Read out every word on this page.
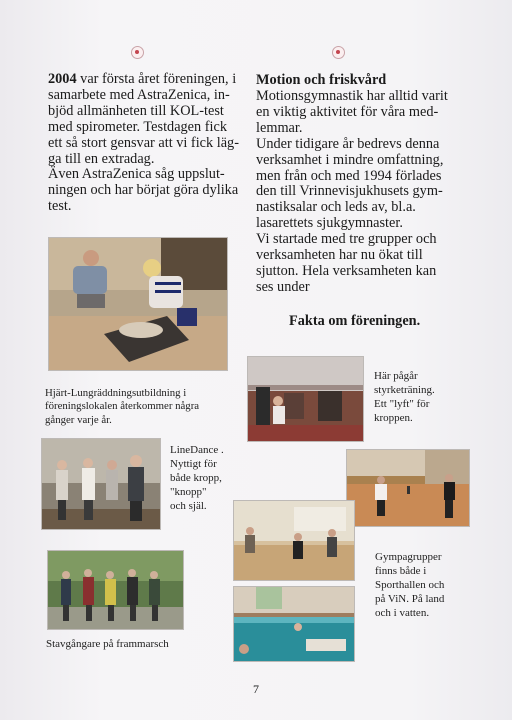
2004 var första året föreningen, i
samarbete med AstraZenica, in-
bjöd allmänheten till KOL-test
med spirometer. Testdagen fick
ett så stort gensvar att vi fick läg-
ga till en extradag.
Även AstraZenica såg uppslut-
ningen och har börjat göra dylika
test.
Motion och friskvård
Motionsgymnastik har alltid varit
en viktig aktivitet för våra med-
lemmar.
Under tidigare år bedrevs denna
verksamhet i mindre omfattning,
men från och med 1994 förlades
den till Vrinnevisjukhusets gym-
nastiksalar och leds av, bl.a.
lasarettets sjukgymnaster.
Vi startade med tre grupper och
verksamheten har nu ökat till
sjutton. Hela verksamheten kan
ses under
Fakta om föreningen.
Hjärt-Lungräddningsutbildning i
föreningslokalen återkommer några
gånger varje år.
Här pågår
styrketräning.
Ett "lyft" för
kroppen.
LineDance .
Nyttigt för
både kropp,
"knopp"
och själ.
Gympagrupper
finns både i
Sporthallen och
på ViN. På land
och i vatten.
Stavgångare på frammarsch
7
